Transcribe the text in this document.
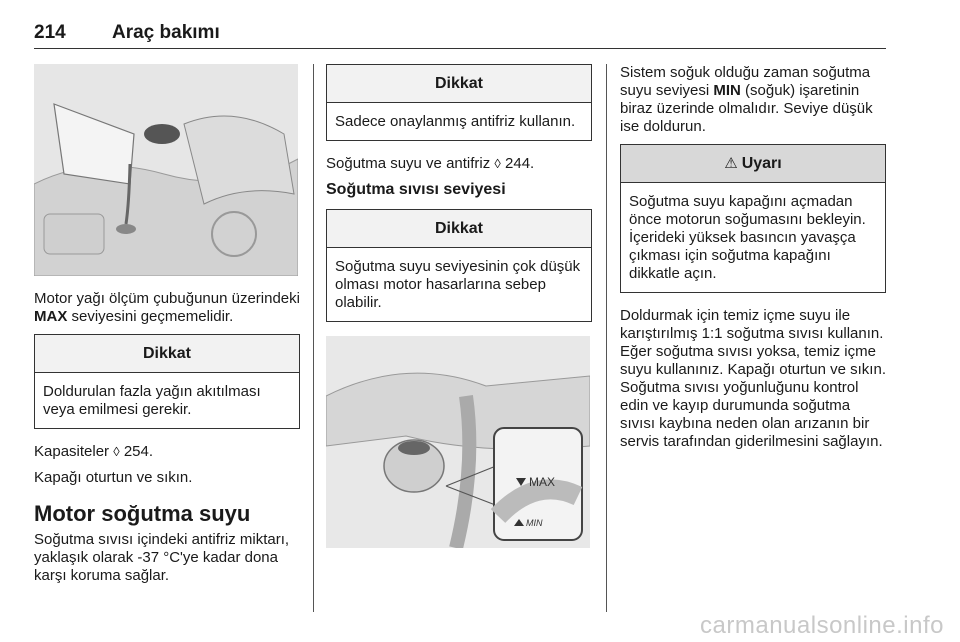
214 Araç bakımı

Motor yağı ölçüm çubuğunun üzerindeki MAX seviyesini geçmemelidir.

Dikkat
Doldurulan fazla yağın akıtılması veya emilmesi gerekir.

Kapasiteler ◊ 254.

Kapağı oturtun ve sıkın.

Motor soğutma suyu

Soğutma sıvısı içindeki antifriz miktarı, yaklaşık olarak -37 °C'ye kadar dona karşı koruma sağlar.

Dikkat
Sadece onaylanmış antifriz kullanın.

Soğutma suyu ve antifriz ◊ 244.

Soğutma sıvısı seviyesi
Dikkat
Soğutma suyu seviyesinin çok düşük olması motor hasarlarına sebep olabilir.
MAX
MIN

Sistem soğuk olduğu zaman soğutma suyu seviyesi MIN (soğuk) işaretinin biraz üzerinde olmalıdır. Seviye düşük ise doldurun.

⚠ Uyarı
Soğutma suyu kapağını açmadan önce motorun soğumasını bekleyin. İçerideki yüksek basıncın yavaşça çıkması için soğutma kapağını dikkatle açın.

Doldurmak için temiz içme suyu ile karıştırılmış 1:1 soğutma sıvısı kullanın. Eğer soğutma sıvısı yoksa, temiz içme suyu kullanınız. Kapağı oturtun ve sıkın. Soğutma sıvısı yoğunluğunu kontrol edin ve kayıp durumunda soğutma sıvısı kaybına neden olan arızanın bir servis tarafından giderilmesini sağlayın.

carmanualsonline.info
